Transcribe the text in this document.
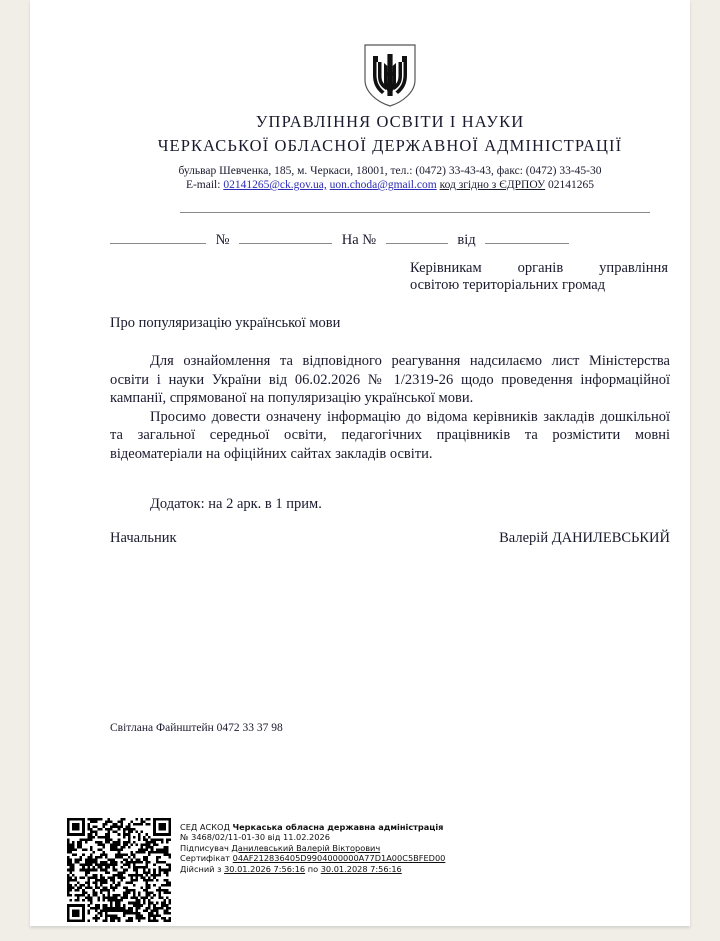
УПРАВЛІННЯ ОСВІТИ І НАУКИ
ЧЕРКАСЬКОЇ ОБЛАСНОЇ ДЕРЖАВНОЇ АДМІНІСТРАЦІЇ
бульвар Шевченка, 185, м. Черкаси, 18001, тел.: (0472) 33-43-43, факс: (0472) 33-45-30
E-mail: 02141265@ck.gov.ua, uon.choda@gmail.com код згідно з ЄДРПОУ 02141265
№	На №	від
Керівникам органів управління
освітою територіальних громад
Про популяризацію української мови

Для ознайомлення та відповідного реагування надсилаємо лист Міністерства освіти і науки України від 06.02.2026 № 1/2319-26 щодо проведення інформаційної кампанії, спрямованої на популяризацію української мови.

Просимо довести означену інформацію до відома керівників закладів дошкільної та загальної середньої освіти, педагогічних працівників та розмістити мовні відеоматеріали на офіційних сайтах закладів освіти.

Додаток: на 2 арк. в 1 прим.
Начальник	Валерій ДАНИЛЕВСЬКИЙ
Світлана Файнштейн 0472 33 37 98
СЕД АСКОД Черкаська обласна державна адміністрація
№ 3468/02/11-01-30 від 11.02.2026
Підписувач Данилевський Валерій Вікторович
Сертифікат 04AF212836405D9904000000A77D1A00C5BFED00
Дійсний з 30.01.2026 7:56:16 по 30.01.2028 7:56:16
